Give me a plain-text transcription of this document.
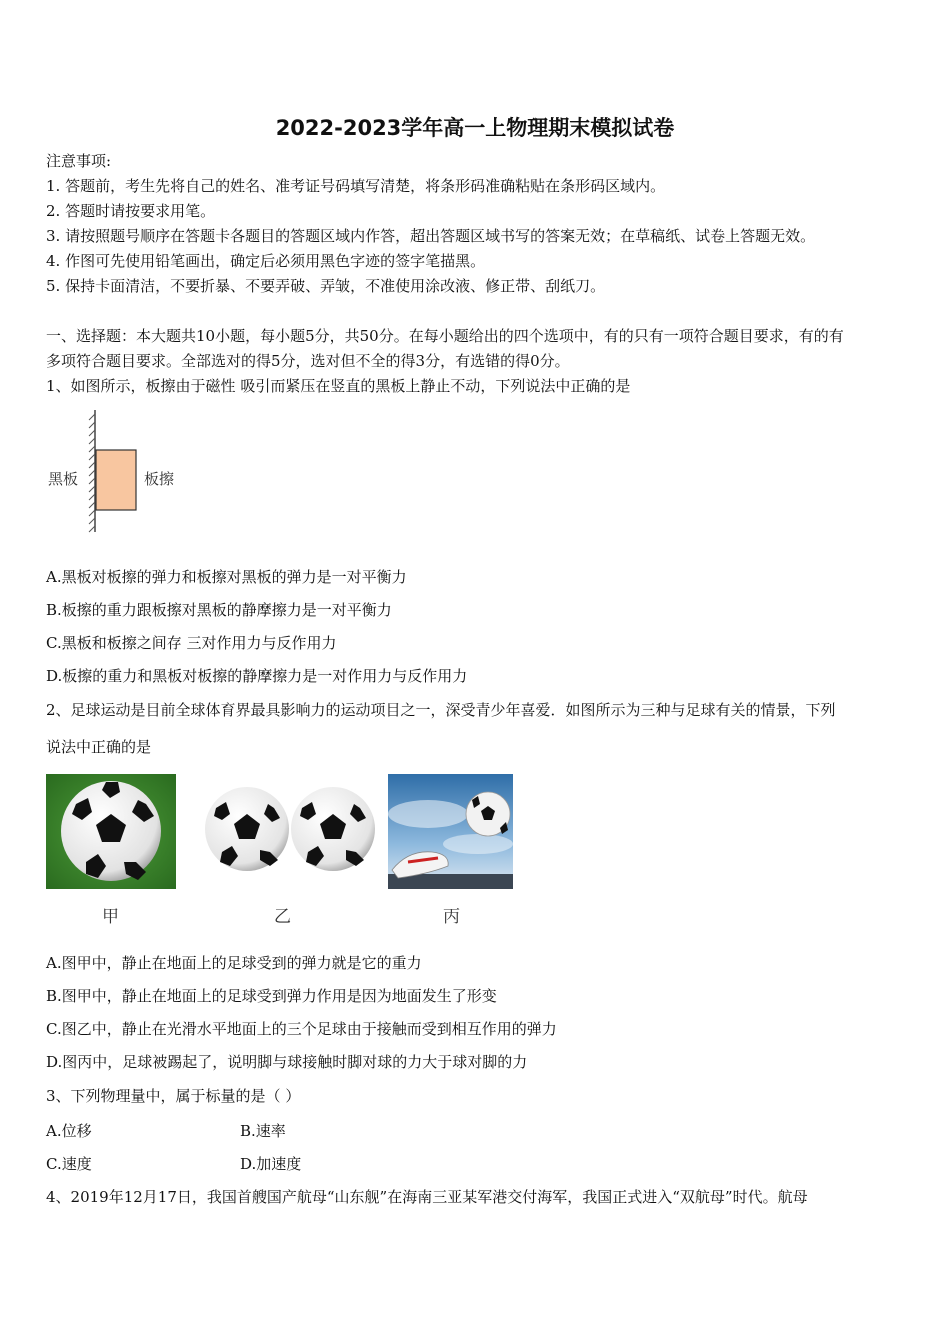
2022-2023学年高一上物理期末模拟试卷
注意事项:
1. 答题前，考生先将自己的姓名、准考证号码填写清楚，将条形码准确粘贴在条形码区域内。
2. 答题时请按要求用笔。
3. 请按照题号顺序在答题卡各题目的答题区域内作答，超出答题区域书写的答案无效；在草稿纸、试卷上答题无效。
4. 作图可先使用铅笔画出，确定后必须用黑色字迹的签字笔描黑。
5. 保持卡面清洁，不要折暴、不要弄破、弄皱，不准使用涂改液、修正带、刮纸刀。
一、选择题：本大题共10小题，每小题5分，共50分。在每小题给出的四个选项中，有的只有一项符合题目要求，有的有
多项符合题目要求。全部选对的得5分，选对但不全的得3分，有选错的得0分。
1、如图所示，板擦由于磁性 吸引而紧压在竖直的黑板上静止不动，下列说法中正确的是
黑板	板擦
A.黑板对板擦的弹力和板擦对黑板的弹力是一对平衡力
B.板擦的重力跟板擦对黑板的静摩擦力是一对平衡力
C.黑板和板擦之间存 三对作用力与反作用力
D.板擦的重力和黑板对板擦的静摩擦力是一对作用力与反作用力
2、足球运动是目前全球体育界最具影响力的运动项目之一，深受青少年喜爱．如图所示为三种与足球有关的情景，下列
说法中正确的是
甲	乙	丙
A.图甲中，静止在地面上的足球受到的弹力就是它的重力
B.图甲中，静止在地面上的足球受到弹力作用是因为地面发生了形变
C.图乙中，静止在光滑水平地面上的三个足球由于接触而受到相互作用的弹力
D.图丙中，足球被踢起了，说明脚与球接触时脚对球的力大于球对脚的力
3、下列物理量中，属于标量的是（ ）
A.位移	B.速率
C.速度	D.加速度
4、2019年12月17日，我国首艘国产航母“山东舰”在海南三亚某军港交付海军，我国正式进入“双航母”时代。航母
